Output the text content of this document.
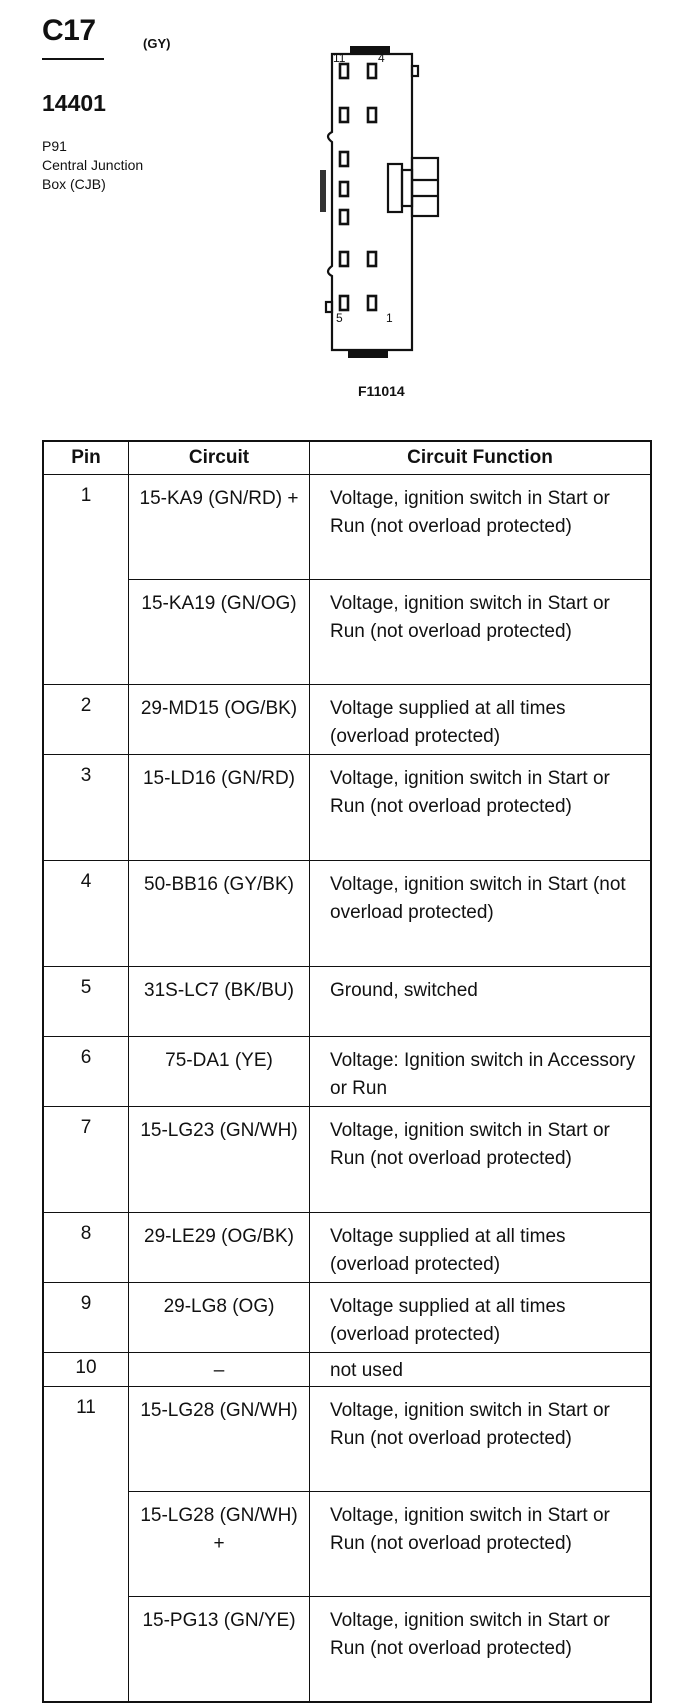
C17	(GY)
14401
P91
Central Junction
Box (CJB)
11	4
5	1
F11014
Pin	Circuit	Circuit Function
1	15-KA9 (GN/RD) +	Voltage, ignition switch in Start or Run (not overload protected)
	15-KA19 (GN/OG)	Voltage, ignition switch in Start or Run (not overload protected)
2	29-MD15 (OG/BK)	Voltage supplied at all times (overload protected)
3	15-LD16 (GN/RD)	Voltage, ignition switch in Start or Run (not overload protected)
4	50-BB16 (GY/BK)	Voltage, ignition switch in Start (not overload protected)
5	31S-LC7 (BK/BU)	Ground, switched
6	75-DA1 (YE)	Voltage: Ignition switch in Accessory or Run
7	15-LG23 (GN/WH)	Voltage, ignition switch in Start or Run (not overload protected)
8	29-LE29 (OG/BK)	Voltage supplied at all times (overload protected)
9	29-LG8 (OG)	Voltage supplied at all times (overload protected)
10	–	not used
11	15-LG28 (GN/WH)	Voltage, ignition switch in Start or Run (not overload protected)
	15-LG28 (GN/WH) +	Voltage, ignition switch in Start or Run (not overload protected)
	15-PG13 (GN/YE)	Voltage, ignition switch in Start or Run (not overload protected)
